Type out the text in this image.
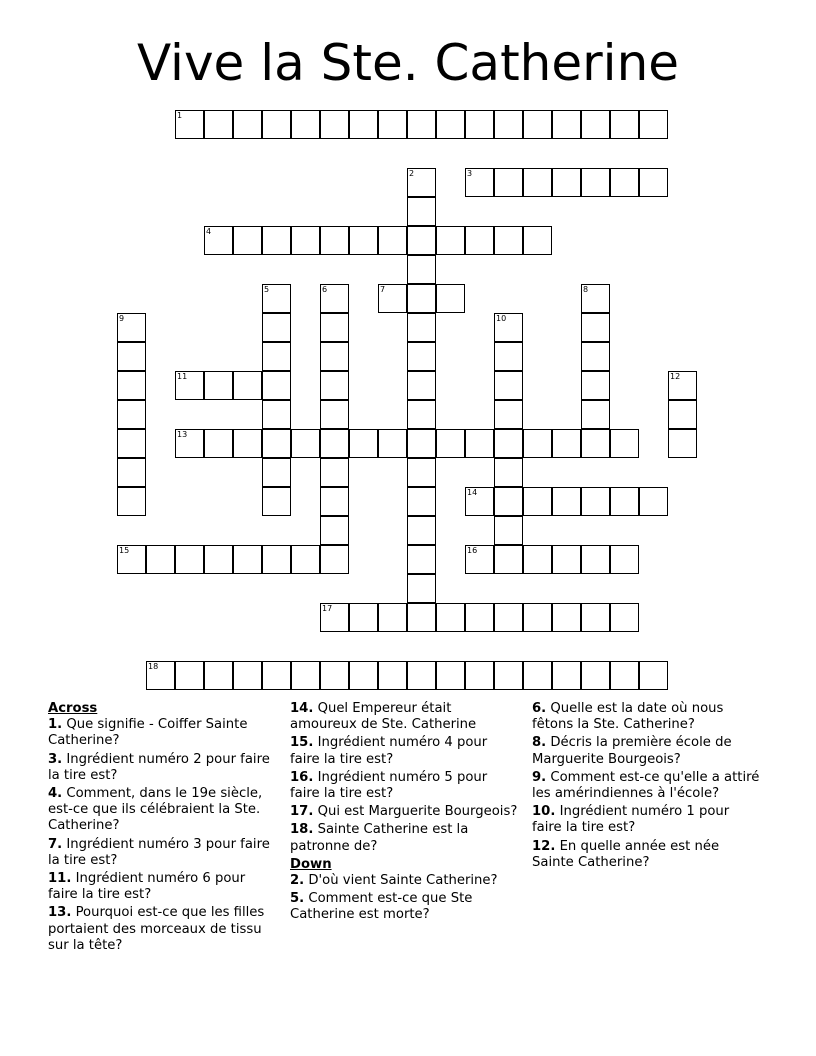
Vive la Ste. Catherine
1
3
4
7
11
13
14
15	16
17
18
2
5	6	8
9	10
12
Across
1. Que signifie - Coiffer Sainte Catherine?
3. Ingrédient numéro 2 pour faire la tire est?
4. Comment, dans le 19e siècle, est-ce que ils célébraient la Ste. Catherine?
7. Ingrédient numéro 3 pour faire la tire est?
11. Ingrédient numéro 6 pour faire la tire est?
13. Pourquoi est-ce que les filles portaient des morceaux de tissu sur la tête?
14. Quel Empereur était amoureux de Ste. Catherine
15. Ingrédient numéro 4 pour faire la tire est?
16. Ingrédient numéro 5 pour faire la tire est?
17. Qui est Marguerite Bourgeois?
18. Sainte Catherine est la patronne de?
Down
2. D'où vient Sainte Catherine?
5. Comment est-ce que Ste Catherine est morte?
6. Quelle est la date où nous fêtons la Ste. Catherine?
8. Décris la première école de Marguerite Bourgeois?
9. Comment est-ce qu'elle a attiré les amérindiennes à l'école?
10. Ingrédient numéro 1 pour faire la tire est?
12. En quelle année est née Sainte Catherine?
